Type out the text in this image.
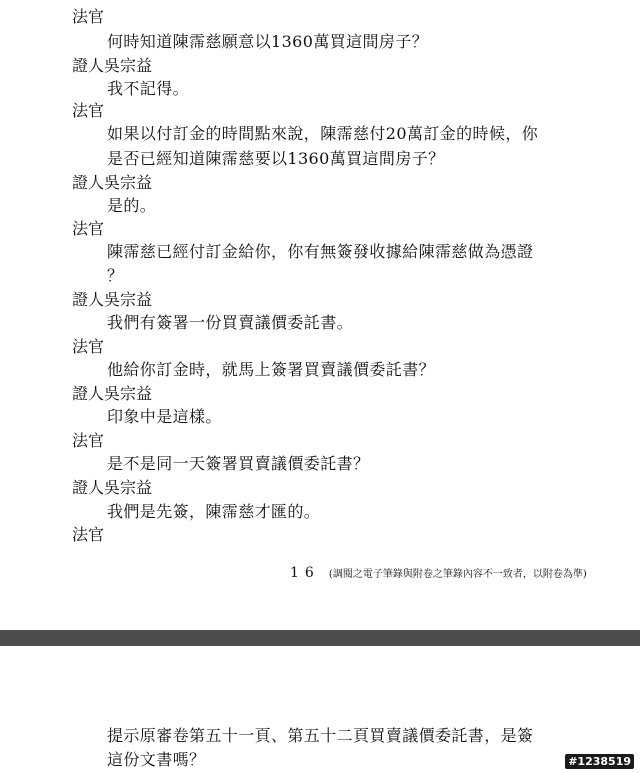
法官
何時知道陳霈慈願意以1360萬買這間房子？
證人吳宗益
我不記得。
法官
如果以付訂金的時間點來說，陳霈慈付20萬訂金的時候，你
是否已經知道陳霈慈要以1360萬買這間房子？
證人吳宗益
是的。
法官
陳霈慈已經付訂金給你，你有無簽發收據給陳霈慈做為憑證
？
證人吳宗益
我們有簽署一份買賣議價委託書。
法官
他給你訂金時，就馬上簽署買賣議價委託書？
證人吳宗益
印象中是這樣。
法官
是不是同一天簽署買賣議價委託書？
證人吳宗益
我們是先簽，陳霈慈才匯的。
法官
16 (調閱之電子筆錄與附卷之筆錄內容不一致者，以附卷為準)
提示原審卷第五十一頁、第五十二頁買賣議價委託書，是簽
這份文書嗎？	#1238519
